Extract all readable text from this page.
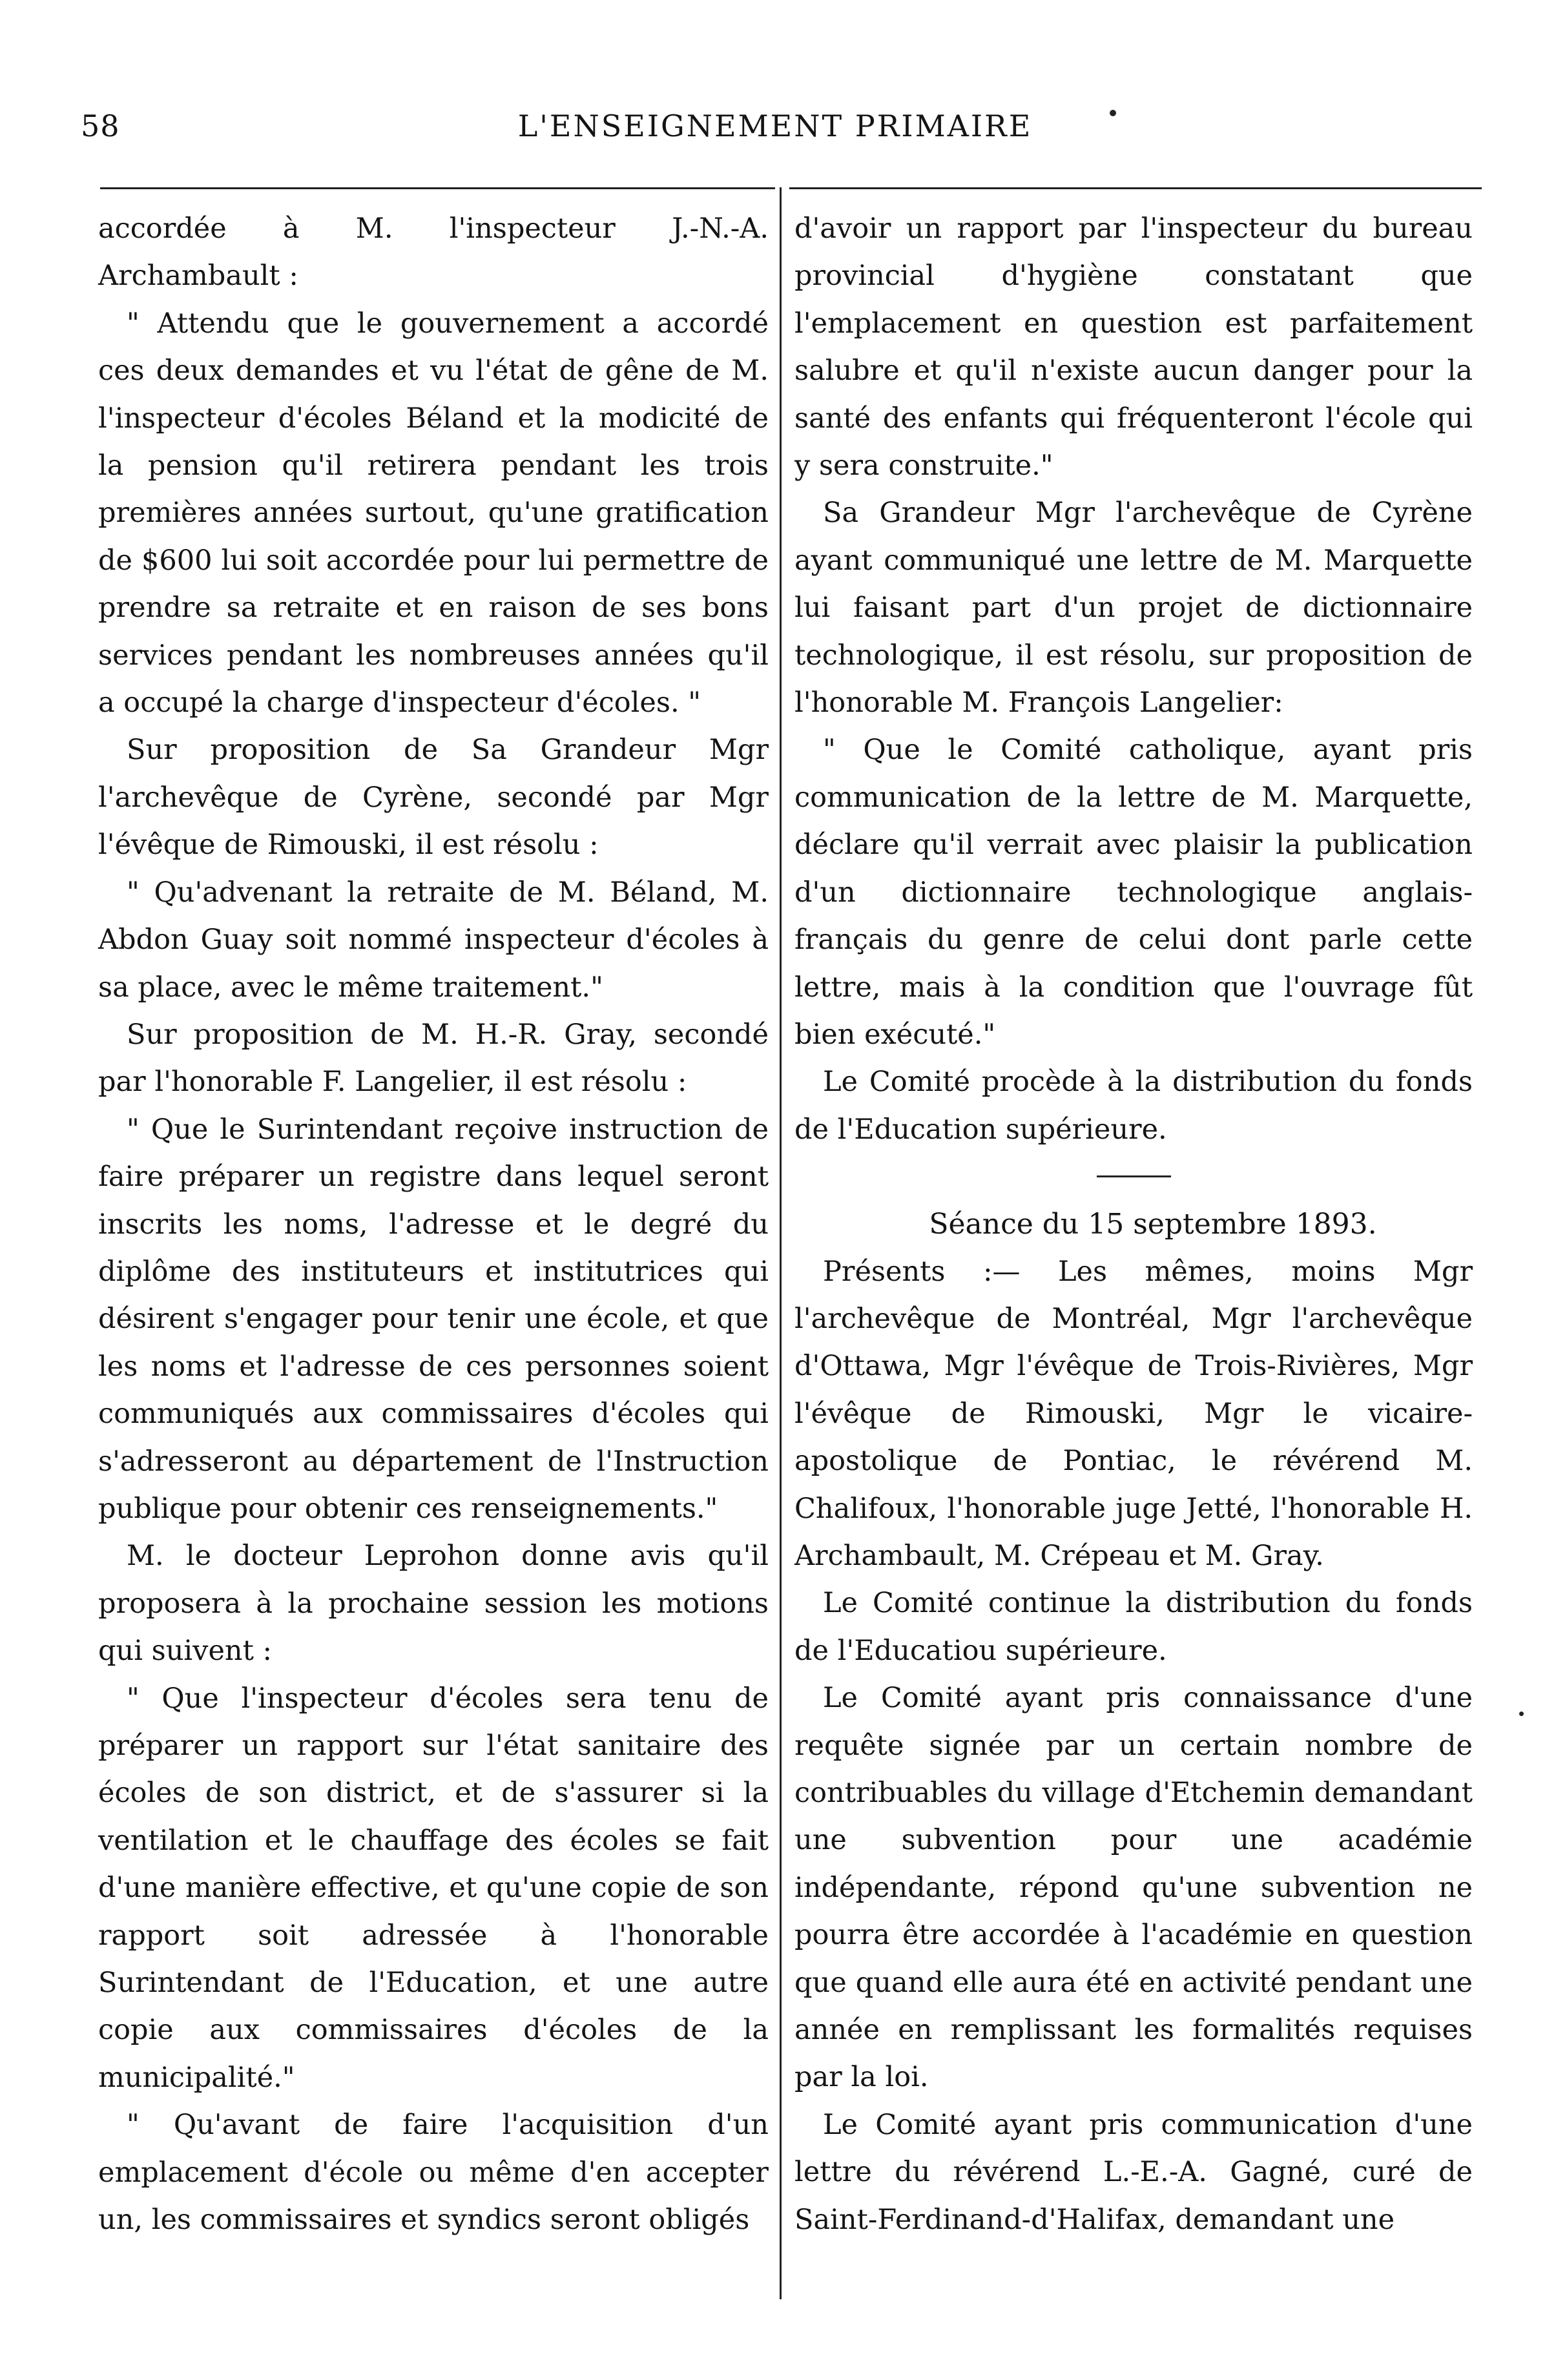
58	L'ENSEIGNEMENT PRIMAIRE

accordée à M. l'inspecteur J.-N.-A. Archambault :

" Attendu que le gouvernement a accordé ces deux demandes et vu l'état de gêne de M. l'inspecteur d'écoles Béland et la modicité de la pension qu'il retirera pendant les trois premières années surtout, qu'une gratification de $600 lui soit accordée pour lui permettre de prendre sa retraite et en raison de ses bons services pendant les nombreuses années qu'il a occupé la charge d'inspecteur d'écoles. "

Sur proposition de Sa Grandeur Mgr l'archevêque de Cyrène, secondé par Mgr l'évêque de Rimouski, il est résolu :

" Qu'advenant la retraite de M. Béland, M. Abdon Guay soit nommé inspecteur d'écoles à sa place, avec le même traitement."

Sur proposition de M. H.-R. Gray, secondé par l'honorable F. Langelier, il est résolu :

" Que le Surintendant reçoive instruction de faire préparer un registre dans lequel seront inscrits les noms, l'adresse et le degré du diplôme des instituteurs et institutrices qui désirent s'engager pour tenir une école, et que les noms et l'adresse de ces personnes soient communiqués aux commissaires d'écoles qui s'adresseront au département de l'Instruction publique pour obtenir ces renseignements."

M. le docteur Leprohon donne avis qu'il proposera à la prochaine session les motions qui suivent :

" Que l'inspecteur d'écoles sera tenu de préparer un rapport sur l'état sanitaire des écoles de son district, et de s'assurer si la ventilation et le chauffage des écoles se fait d'une manière effective, et qu'une copie de son rapport soit adressée à l'honorable Surintendant de l'Education, et une autre copie aux commissaires d'écoles de la municipalité."

" Qu'avant de faire l'acquisition d'un emplacement d'école ou même d'en accepter un, les commissaires et syndics seront obligés

d'avoir un rapport par l'inspecteur du bureau provincial d'hygiène constatant que l'emplacement en question est parfaitement salubre et qu'il n'existe aucun danger pour la santé des enfants qui fréquenteront l'école qui y sera construite."

Sa Grandeur Mgr l'archevêque de Cyrène ayant communiqué une lettre de M. Marquette lui faisant part d'un projet de dictionnaire technologique, il est résolu, sur proposition de l'honorable M. François Langelier:

" Que le Comité catholique, ayant pris communication de la lettre de M. Marquette, déclare qu'il verrait avec plaisir la publication d'un dictionnaire technologique anglais-français du genre de celui dont parle cette lettre, mais à la condition que l'ouvrage fût bien exécuté."

Le Comité procède à la distribution du fonds de l'Education supérieure.

Séance du 15 septembre 1893.

Présents :— Les mêmes, moins Mgr l'archevêque de Montréal, Mgr l'archevêque d'Ottawa, Mgr l'évêque de Trois-Rivières, Mgr l'évêque de Rimouski, Mgr le vicaire-apostolique de Pontiac, le révérend M. Chalifoux, l'honorable juge Jetté, l'honorable H. Archambault, M. Crépeau et M. Gray.

Le Comité continue la distribution du fonds de l'Educatiou supérieure.

Le Comité ayant pris connaissance d'une requête signée par un certain nombre de contribuables du village d'Etchemin demandant une subvention pour une académie indépendante, répond qu'une subvention ne pourra être accordée à l'académie en question que quand elle aura été en activité pendant une année en remplissant les formalités requises par la loi.

Le Comité ayant pris communication d'une lettre du révérend L.-E.-A. Gagné, curé de Saint-Ferdinand-d'Halifax, demandant une
